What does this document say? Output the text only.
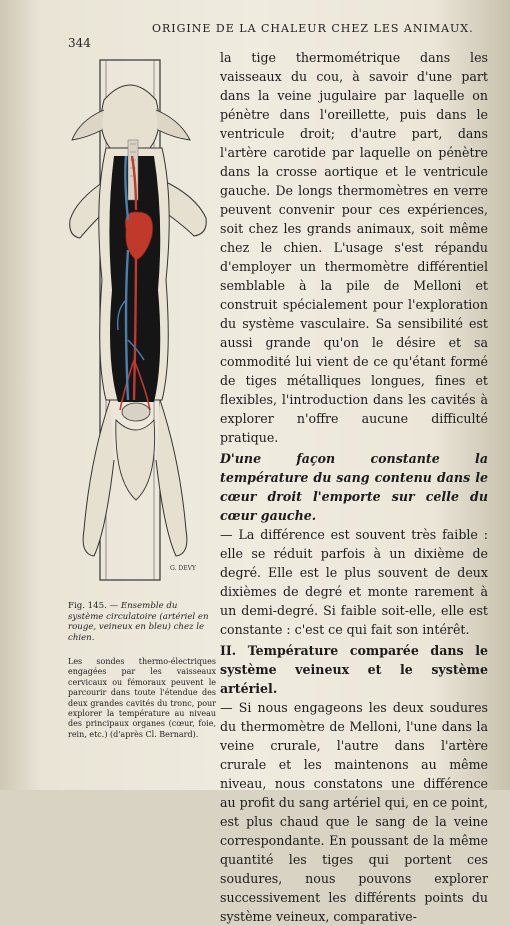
344
ORIGINE DE LA CHALEUR CHEZ LES ANIMAUX.
G. DEVY
Fig. 145. — Ensemble du système circulatoire (artériel en rouge, veineux en bleu) chez le chien.
Les sondes thermo-électriques engagées par les vaisseaux cervicaux ou fémoraux peuvent le parcourir dans toute l'étendue des deux grandes cavités du tronc, pour explorer la température au niveau des principaux organes (cœur, foie, rein, etc.) (d'après Cl. Bernard).

la tige thermométrique dans les vaisseaux du cou, à savoir d'une part dans la veine jugulaire par laquelle on pénètre dans l'oreillette, puis dans le ventricule droit; d'autre part, dans l'artère carotide par laquelle on pénètre dans la crosse aortique et le ventricule gauche. De longs thermomètres en verre peuvent convenir pour ces expériences, soit chez les grands animaux, soit même chez le chien. L'usage s'est répandu d'employer un thermomètre différentiel semblable à la pile de Melloni et construit spécialement pour l'exploration du système vasculaire. Sa sensibilité est aussi grande qu'on le désire et sa commodité lui vient de ce qu'étant formé de tiges métalliques longues, fines et flexibles, l'introduction dans les cavités à explorer n'offre aucune difficulté pratique.

D'une façon constante la température du sang contenu dans le cœur droit l'emporte sur celle du cœur gauche.
— La différence est souvent très faible : elle se réduit parfois à un dixième de degré. Elle est le plus souvent de deux dixièmes de degré et monte rarement à un demi-degré. Si faible soit-elle, elle est constante : c'est ce qui fait son intérêt.

II. Température comparée dans le système veineux et le système artériel.
— Si nous engageons les deux soudures du thermomètre de Melloni, l'une dans la veine crurale, l'autre dans l'artère crurale et les maintenons au même niveau, nous constatons une différence au profit du sang artériel qui, en ce point, est plus chaud que le sang de la veine correspondante. En poussant de la même quantité les tiges qui portent ces soudures, nous pouvons explorer successivement les différents points du système veineux, comparative-
